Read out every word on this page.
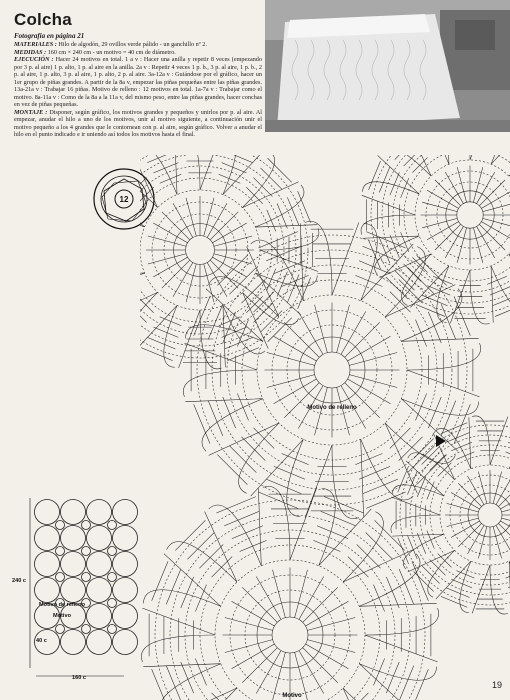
Colcha

Fotografía en página 21

MATERIALES : Hilo de algodón, 29 ovillos verde pálido - un ganchillo nº 2.

MEDIDAS : 160 cm × 240 cm - un motivo = 40 cm de diámetro.

EJECUCIÓN : Hacer 24 motivos en total. 1 a v : Hacer una anilla y repetir 8 veces (empezando por 3 p. al aire) 1 p. alto, 1 p. al aire en la anilla. 2a v : Repetir 4 veces 1 p. b., 3 p. al aire, 1 p. b., 2 p. al aire, 1 p. alto, 3 p. al aire, 1 p. alto, 2 p. al aire. 3a-12a v : Guiándose por el gráfico, hacer un 1er grupo de piñas grandes. A partir de la 8a v, empezar las piñas pequeñas entre las piñas grandes. 13a-21a v : Trabajar 16 piñas. Motivo de relleno : 12 motivos en total. 1a-7a v : Trabajar como el motivo. 8a-11a v : Como de la 8a a la 11a v, del mismo peso, entre las piñas grandes, hacer conchas en vez de piñas pequeñas.

MONTAJE : Disponer, según gráfico, los motivos grandes y pequeños y unirlos por p. al aire. Al empezar, anudar el hilo a uno de los motivos, unir al motivo siguiente, a continuación unir el motivo pequeño a los 4 grandes que le contornean con p. al aire, según gráfico. Volver a anudar el hilo en el punto indicado e ir uniendo así todos los motivos hasta el final.

12
Motivo de relleno
Motivo
Motivo de relleno
Motivo
240 c
160 c
40 c
19
